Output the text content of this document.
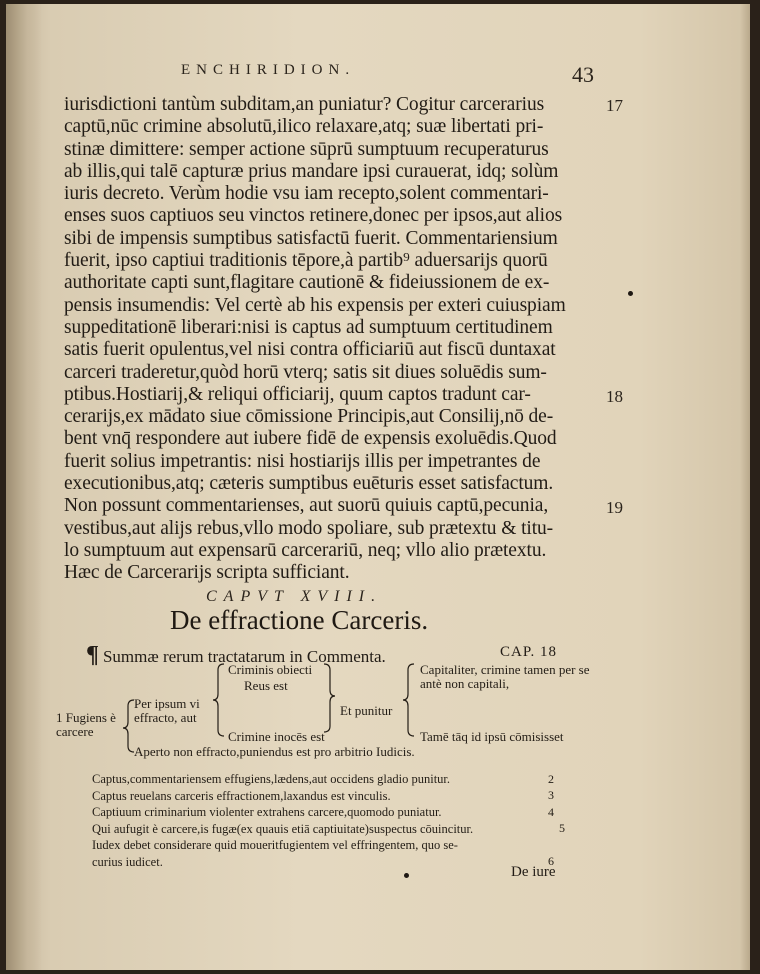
ENCHIRIDION.	43
iurisdictioni tantùm subditam,an puniatur? Cogitur carcerarius
captū,nūc crimine absolutū,ilico relaxare,atq; suæ libertati pri-
stinæ dimittere: semper actione sūprū sumptuum recuperaturus
ab illis,qui talē capturæ prius mandare ipsi curauerat, idq; solùm
iuris decreto. Verùm hodie vsu iam recepto,solent commentari-
enses suos captiuos seu vinctos retinere,donec per ipsos,aut alios
sibi de impensis sumptibus satisfactū fuerit. Commentariensium
fuerit, ipso captiui traditionis tēpore,à partib⁹ aduersarijs quorū
authoritate capti sunt,flagitare cautionē & fideiussionem de ex-
pensis insumendis: Vel certè ab his expensis per exteri cuiuspiam
suppeditationē liberari:nisi is captus ad sumptuum certitudinem
satis fuerit opulentus,vel nisi contra officiariū aut fiscū duntaxat
carceri traderetur,quòd horū vterq; satis sit diues soluēdis sum-
ptibus.Hostiarij,& reliqui officiarij, quum captos tradunt car-
cerarijs,ex mādato siue cōmissione Principis,aut Consilij,nō de-
bent vnq̄ respondere aut iubere fidē de expensis exoluēdis.Quod
fuerit solius impetrantis: nisi hostiarijs illis per impetrantes de
executionibus,atq; cæteris sumptibus euēturis esset satisfactum.
Non possunt commentarienses, aut suorū quiuis captū,pecunia,
vestibus,aut alijs rebus,vllo modo spoliare, sub prætextu & titu-
lo sumptuum aut expensarū carcerariū, neq; vllo alio prætextu.
Hæc de Carcerarijs scripta sufficiant.
17
18
19
CAPVT XVIII.
De effractione Carceris.
¶ Summæ rerum tractatarum in Commenta.	CAP. 18
1 Fugiens è carcere
Per ipsum vi effracto, aut
Criminis obiecti
Reus est
Crimine inocēs est
Et punitur
Capitaliter, crimine tamen per se antè non capitali,
Tamē tāq id ipsū cōmisisset
Aperto non effracto,puniendus est pro arbitrio Iudicis.
Captus,commentariensem effugiens,lædens,aut occidens gladio punitur.
Captus reuelans carceris effractionem,laxandus est vinculis.
Captiuum criminarium violenter extrahens carcere,quomodo puniatur.
Qui aufugit è carcere,is fugæ(ex quauis etiā captiuitate)suspectus cōuincitur.
Iudex debet considerare quid moueritfugientem vel effringentem, quo se-
curius iudicet.
2
3
4
5
6
De iure
